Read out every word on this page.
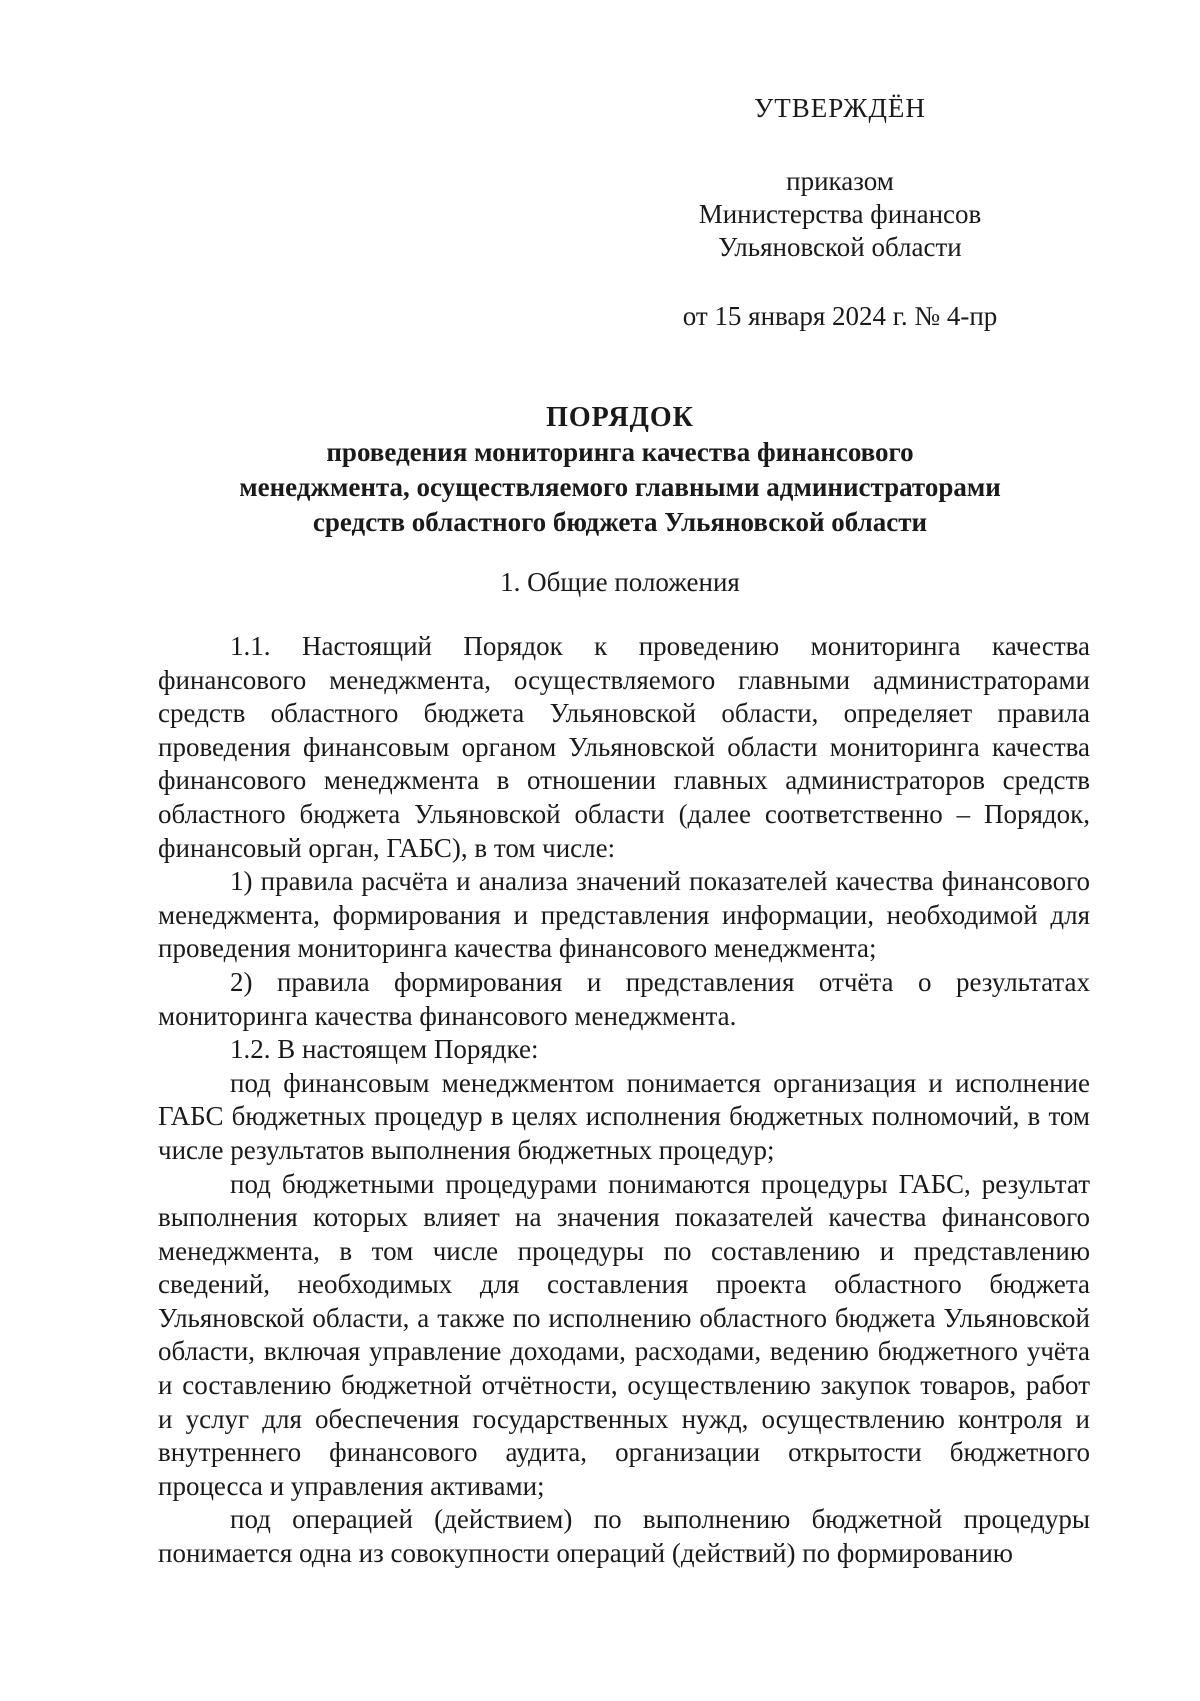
УТВЕРЖДЁН
приказом
Министерства финансов
Ульяновской области
от 15 января 2024 г. № 4-пр
ПОРЯДОК
проведения мониторинга качества финансового
менеджмента, осуществляемого главными администраторами
средств областного бюджета Ульяновской области
1. Общие положения

1.1. Настоящий Порядок к проведению мониторинга качества финансового менеджмента, осуществляемого главными администраторами средств областного бюджета Ульяновской области, определяет правила проведения финансовым органом Ульяновской области мониторинга качества финансового менеджмента в отношении главных администраторов средств областного бюджета Ульяновской области (далее соответственно – Порядок, финансовый орган, ГАБС), в том числе:

1) правила расчёта и анализа значений показателей качества финансового менеджмента, формирования и представления информации, необходимой для проведения мониторинга качества финансового менеджмента;

2) правила формирования и представления отчёта о результатах мониторинга качества финансового менеджмента.

1.2. В настоящем Порядке:

под финансовым менеджментом понимается организация и исполнение ГАБС бюджетных процедур в целях исполнения бюджетных полномочий, в том числе результатов выполнения бюджетных процедур;

под бюджетными процедурами понимаются процедуры ГАБС, результат выполнения которых влияет на значения показателей качества финансового менеджмента, в том числе процедуры по составлению и представлению сведений, необходимых для составления проекта областного бюджета Ульяновской области, а также по исполнению областного бюджета Ульяновской области, включая управление доходами, расходами, ведению бюджетного учёта и составлению бюджетной отчётности, осуществлению закупок товаров, работ и услуг для обеспечения государственных нужд, осуществлению контроля и внутреннего финансового аудита, организации открытости бюджетного процесса и управления активами;

под операцией (действием) по выполнению бюджетной процедуры понимается одна из совокупности операций (действий) по формированию
